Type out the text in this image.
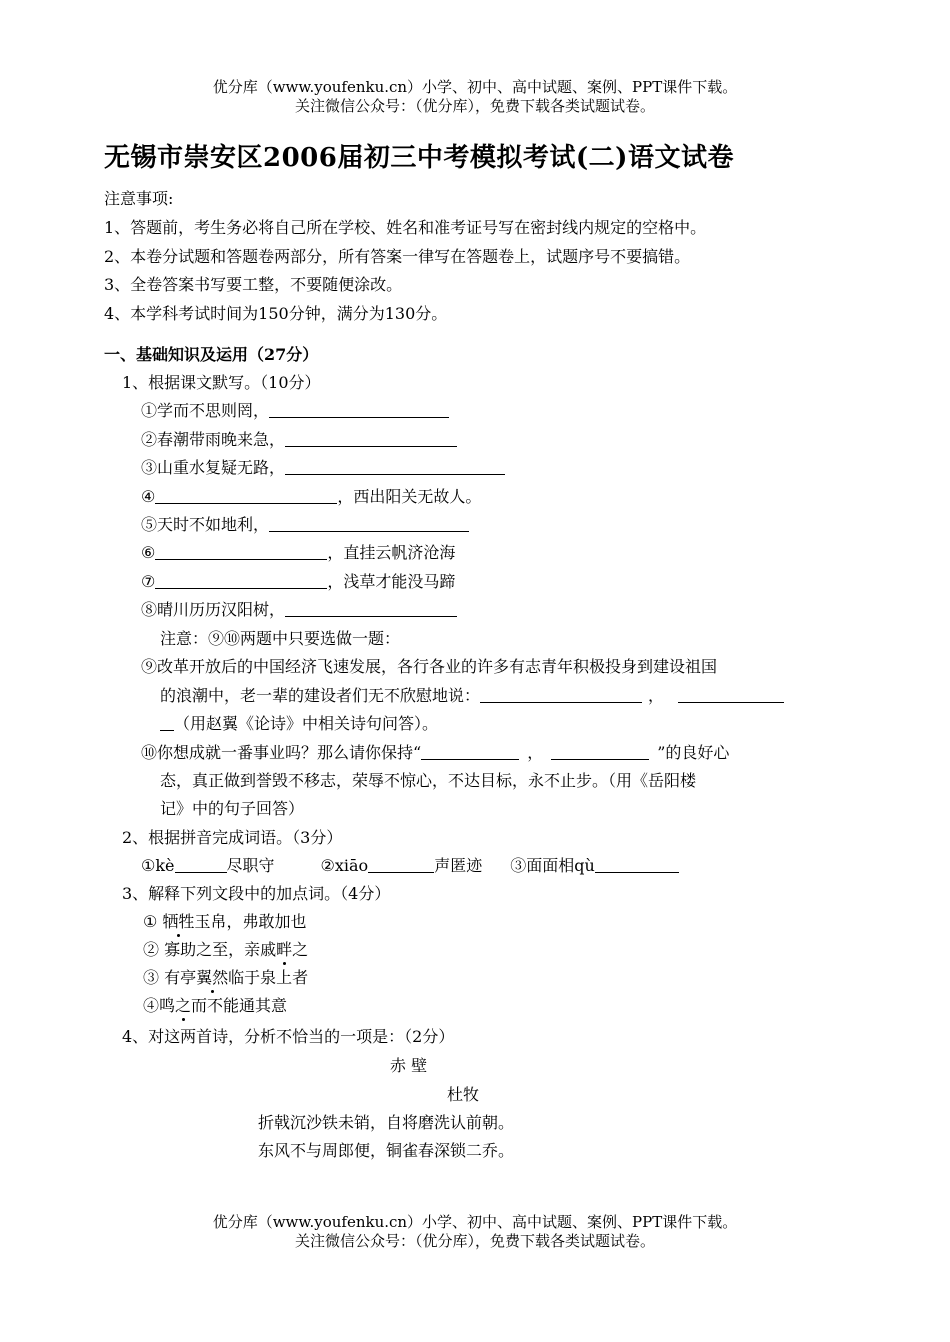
优分库（www.youfenku.cn）小学、初中、高中试题、案例、PPT课件下载。
关注微信公众号：（优分库），免费下载各类试题试卷。
无锡市崇安区2006届初三中考模拟考试(二)语文试卷
注意事项:
1、答题前，考生务必将自己所在学校、姓名和准考证号写在密封线内规定的空格中。
2、本卷分试题和答题卷两部分，所有答案一律写在答题卷上，试题序号不要搞错。
3、全卷答案书写要工整，不要随便涂改。
4、本学科考试时间为150分钟，满分为130分。
一、基础知识及运用（27分）
1、根据课文默写。（10分）
①学而不思则罔，
②春潮带雨晚来急，
③山重水复疑无路，
④	，西出阳关无故人。
⑤天时不如地利，
⑥	，直挂云帆济沧海
⑦	，浅草才能没马蹄
⑧晴川历历汉阳树，
注意：⑨⑩两题中只要选做一题：
⑨改革开放后的中国经济飞速发展，各行各业的许多有志青年积极投身到建设祖国
的浪潮中，老一辈的建设者们无不欣慰地说：	，
（用赵翼《论诗》中相关诗句问答）。
⑩你想成就一番事业吗？那么请你保持“	，	”的良好心
态，真正做到誉毁不移志，荣辱不惊心，不达目标，永不止步。（用《岳阳楼
记》中的句子回答）
2、根据拼音完成词语。（3分）
①kè	尽职守	②xiāo	声匿迹 ③面面相qù
3、解释下列文段中的加点词。（4分）
① 牺牲玉帛，弗敢加也
② 寡助之至，亲戚畔之
③ 有亭翼然临于泉上者
④鸣之而不能通其意
4、对这两首诗，分析不恰当的一项是：（2分）
赤 壁
杜牧
折戟沉沙铁未销，自将磨洗认前朝。
东风不与周郎便，铜雀春深锁二乔。
优分库（www.youfenku.cn）小学、初中、高中试题、案例、PPT课件下载。
关注微信公众号：（优分库），免费下载各类试题试卷。
